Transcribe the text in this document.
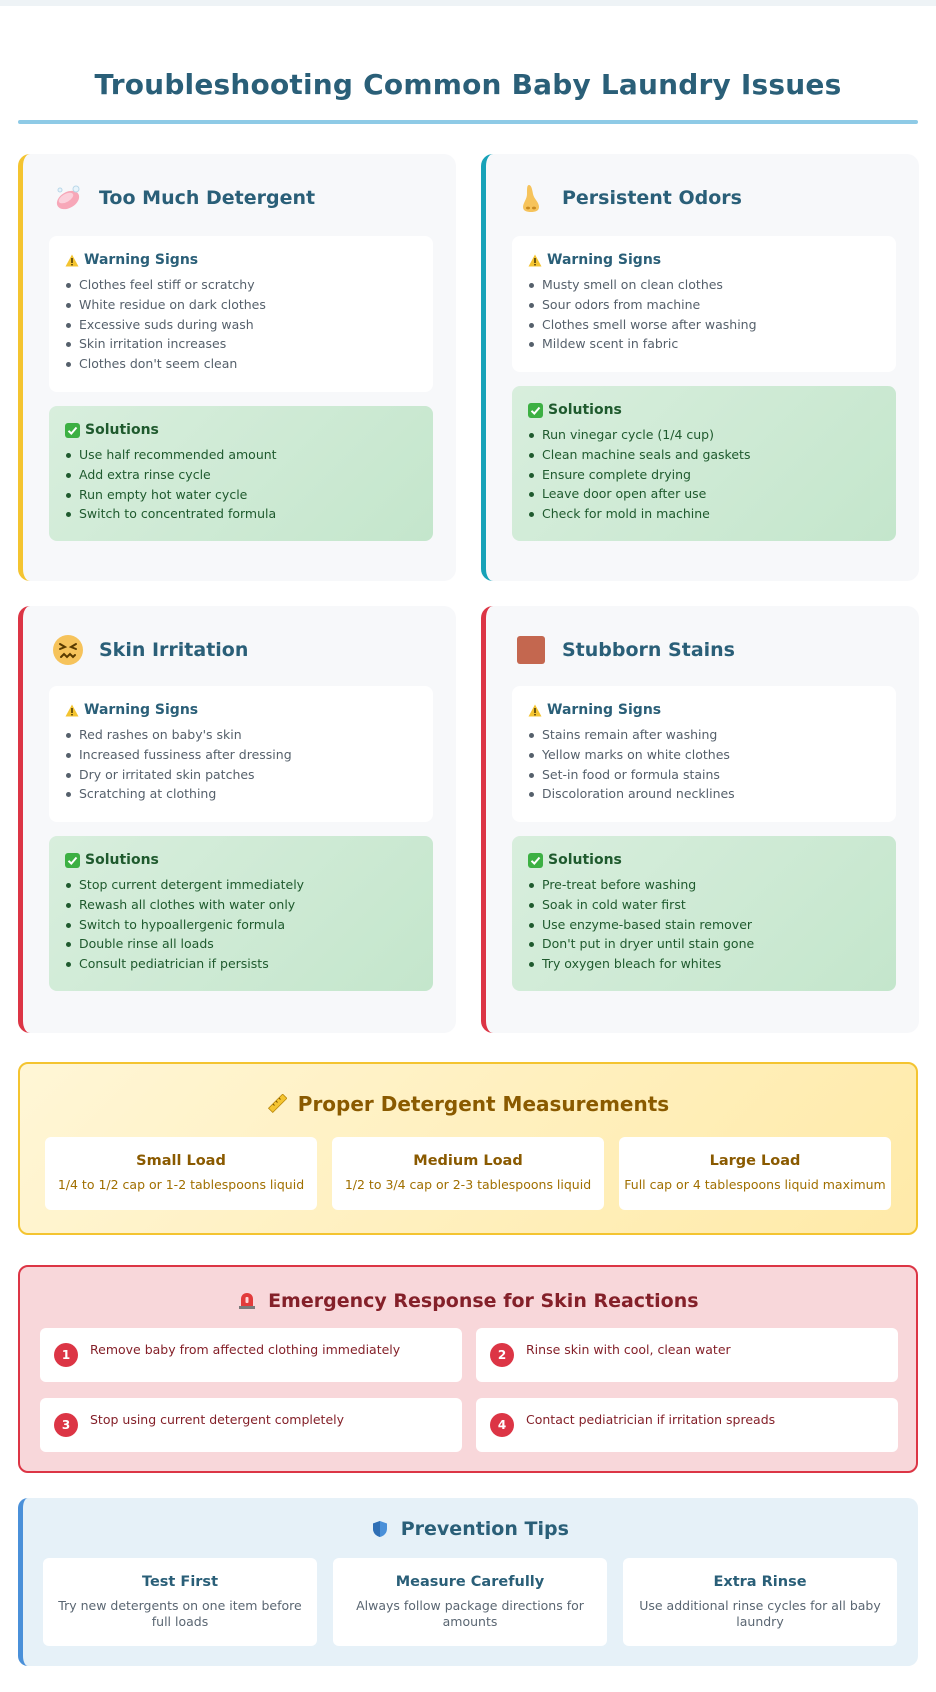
Troubleshooting Common Baby Laundry Issues
Too Much Detergent
Warning Signs
Clothes feel stiff or scratchy
White residue on dark clothes
Excessive suds during wash
Skin irritation increases
Clothes don't seem clean
Solutions
Use half recommended amount
Add extra rinse cycle
Run empty hot water cycle
Switch to concentrated formula
Persistent Odors
Warning Signs
Musty smell on clean clothes
Sour odors from machine
Clothes smell worse after washing
Mildew scent in fabric
Solutions
Run vinegar cycle (1/4 cup)
Clean machine seals and gaskets
Ensure complete drying
Leave door open after use
Check for mold in machine
Skin Irritation
Warning Signs
Red rashes on baby's skin
Increased fussiness after dressing
Dry or irritated skin patches
Scratching at clothing
Solutions
Stop current detergent immediately
Rewash all clothes with water only
Switch to hypoallergenic formula
Double rinse all loads
Consult pediatrician if persists
Stubborn Stains
Warning Signs
Stains remain after washing
Yellow marks on white clothes
Set-in food or formula stains
Discoloration around necklines
Solutions
Pre-treat before washing
Soak in cold water first
Use enzyme-based stain remover
Don't put in dryer until stain gone
Try oxygen bleach for whites
Proper Detergent Measurements
Small Load
1/4 to 1/2 cap or 1-2 tablespoons liquid
Medium Load
1/2 to 3/4 cap or 2-3 tablespoons liquid
Large Load
Full cap or 4 tablespoons liquid maximum
Emergency Response for Skin Reactions
1	Remove baby from affected clothing immediately	2	Rinse skin with cool, clean water
3	Stop using current detergent completely	4	Contact pediatrician if irritation spreads
Prevention Tips
Test First
Try new detergents on one item before full loads
Measure Carefully
Always follow package directions for amounts
Extra Rinse
Use additional rinse cycles for all baby laundry
